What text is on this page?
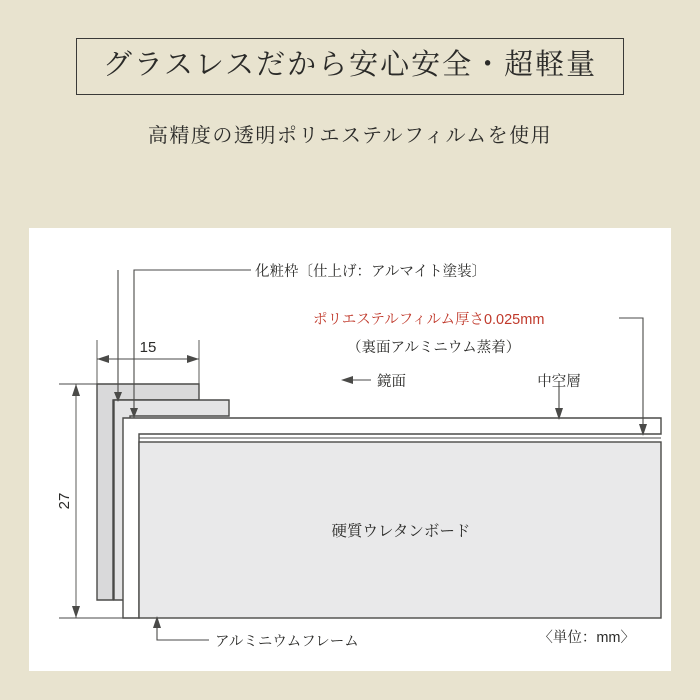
グラスレスだから安心安全・超軽量
高精度の透明ポリエステルフィルムを使用
15
27
化粧枠〔仕上げ：アルマイト塗装〕
ポリエステルフィルム厚さ0.025mm
（裏面アルミニウム蒸着）
鏡面	中空層
硬質ウレタンボード
アルミニウムフレーム	〈単位：mm〉
